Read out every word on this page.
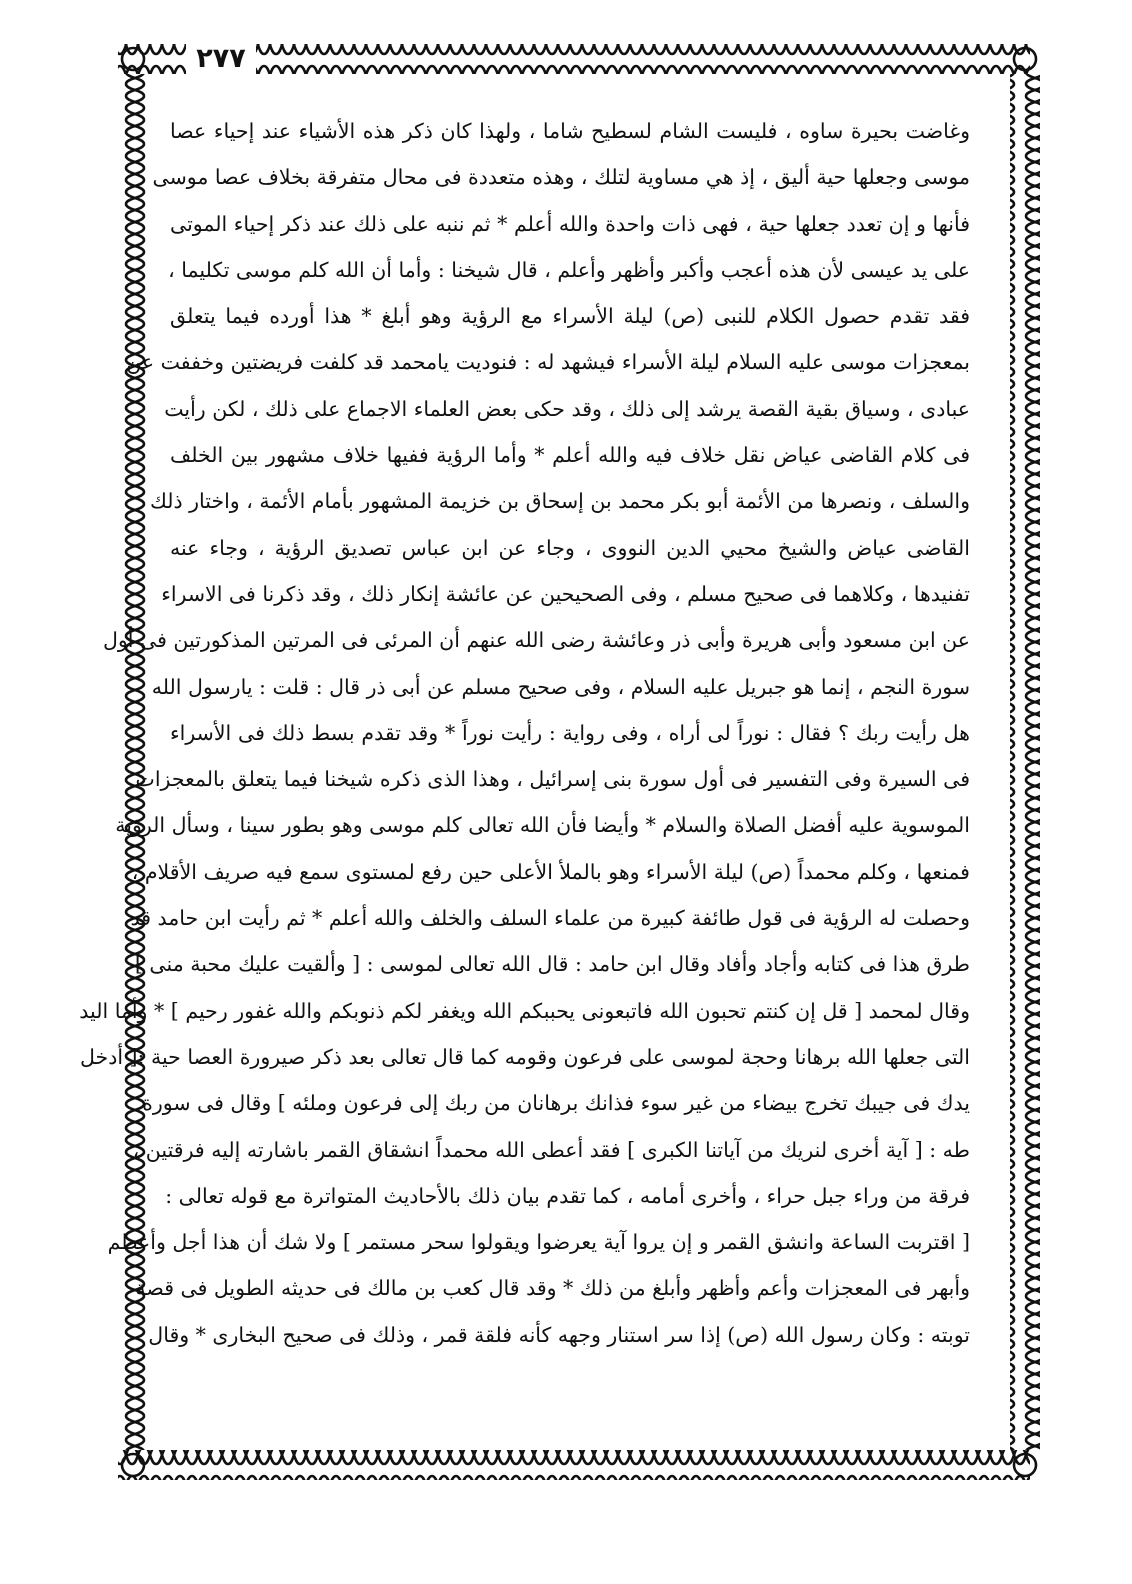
٢٧٧
وغاضت بحيرة ساوه ، فليست الشام لسطيح شاما ، ولهذا كان ذكر هذه الأشياء عند إحياء عصا
موسى وجعلها حية أليق ، إذ هي مساوية لتلك ، وهذه متعددة فى محال متفرقة بخلاف عصا موسى
فأنها و إن تعدد جعلها حية ، فهى ذات واحدة والله أعلم * ثم ننبه على ذلك عند ذكر إحياء الموتى
على يد عيسى لأن هذه أعجب وأكبر وأظهر وأعلم ، قال شيخنا : وأما أن الله كلم موسى تكليما ،
فقد تقدم حصول الكلام للنبى (ص) ليلة الأسراء مع الرؤية وهو أبلغ * هذا أورده فيما يتعلق
بمعجزات موسى عليه السلام ليلة الأسراء فيشهد له : فنوديت يامحمد قد كلفت فريضتين وخففت عن
عبادى ، وسياق بقية القصة يرشد إلى ذلك ، وقد حكى بعض العلماء الاجماع على ذلك ، لكن رأيت
فى كلام القاضى عياض نقل خلاف فيه والله أعلم * وأما الرؤية ففيها خلاف مشهور بين الخلف
والسلف ، ونصرها من الأئمة أبو بكر محمد بن إسحاق بن خزيمة المشهور بأمام الأئمة ، واختار ذلك
القاضى عياض والشيخ محيي الدين النووى ، وجاء عن ابن عباس تصديق الرؤية ، وجاء عنه
تفنيدها ، وكلاهما فى صحيح مسلم ، وفى الصحيحين عن عائشة إنكار ذلك ، وقد ذكرنا فى الاسراء
عن ابن مسعود وأبى هريرة وأبى ذر وعائشة رضى الله عنهم أن المرئى فى المرتين المذكورتين فى أول
سورة النجم ، إنما هو جبريل عليه السلام ، وفى صحيح مسلم عن أبى ذر قال : قلت : يارسول الله
هل رأيت ربك ؟ فقال : نوراً لى أراه ، وفى رواية : رأيت نوراً * وقد تقدم بسط ذلك فى الأسراء
فى السيرة وفى التفسير فى أول سورة بنى إسرائيل ، وهذا الذى ذكره شيخنا فيما يتعلق بالمعجزات
الموسوية عليه أفضل الصلاة والسلام * وأيضا فأن الله تعالى كلم موسى وهو بطور سينا ، وسأل الرؤية
فمنعها ، وكلم محمداً (ص) ليلة الأسراء وهو بالملأ الأعلى حين رفع لمستوى سمع فيه صريف الأقلام ،
وحصلت له الرؤية فى قول طائفة كبيرة من علماء السلف والخلف والله أعلم * ثم رأيت ابن حامد قد
طرق هذا فى كتابه وأجاد وأفاد وقال ابن حامد : قال الله تعالى لموسى : [ وألقيت عليك محبة منى ]
وقال لمحمد [ قل إن كنتم تحبون الله فاتبعونى يحببكم الله ويغفر لكم ذنوبكم والله غفور رحيم ] * وأما اليد
التى جعلها الله برهانا وحجة لموسى على فرعون وقومه كما قال تعالى بعد ذكر صيرورة العصا حية :[ أدخل
يدك فى جيبك تخرج بيضاء من غير سوء فذانك برهانان من ربك إلى فرعون وملئه ] وقال فى سورة
طه : [ آية أخرى لنريك من آياتنا الكبرى ] فقد أعطى الله محمداً انشقاق القمر باشارته إليه فرقتين ،
فرقة من وراء جبل حراء ، وأخرى أمامه ، كما تقدم بيان ذلك بالأحاديث المتواترة مع قوله تعالى :
[ اقتربت الساعة وانشق القمر و إن يروا آية يعرضوا ويقولوا سحر مستمر ] ولا شك أن هذا أجل وأعظم
وأبهر فى المعجزات وأعم وأظهر وأبلغ من ذلك * وقد قال كعب بن مالك فى حديثه الطويل فى قصة
توبته : وكان رسول الله (ص) إذا سر استنار وجهه كأنه فلقة قمر ، وذلك فى صحيح البخارى * وقال
